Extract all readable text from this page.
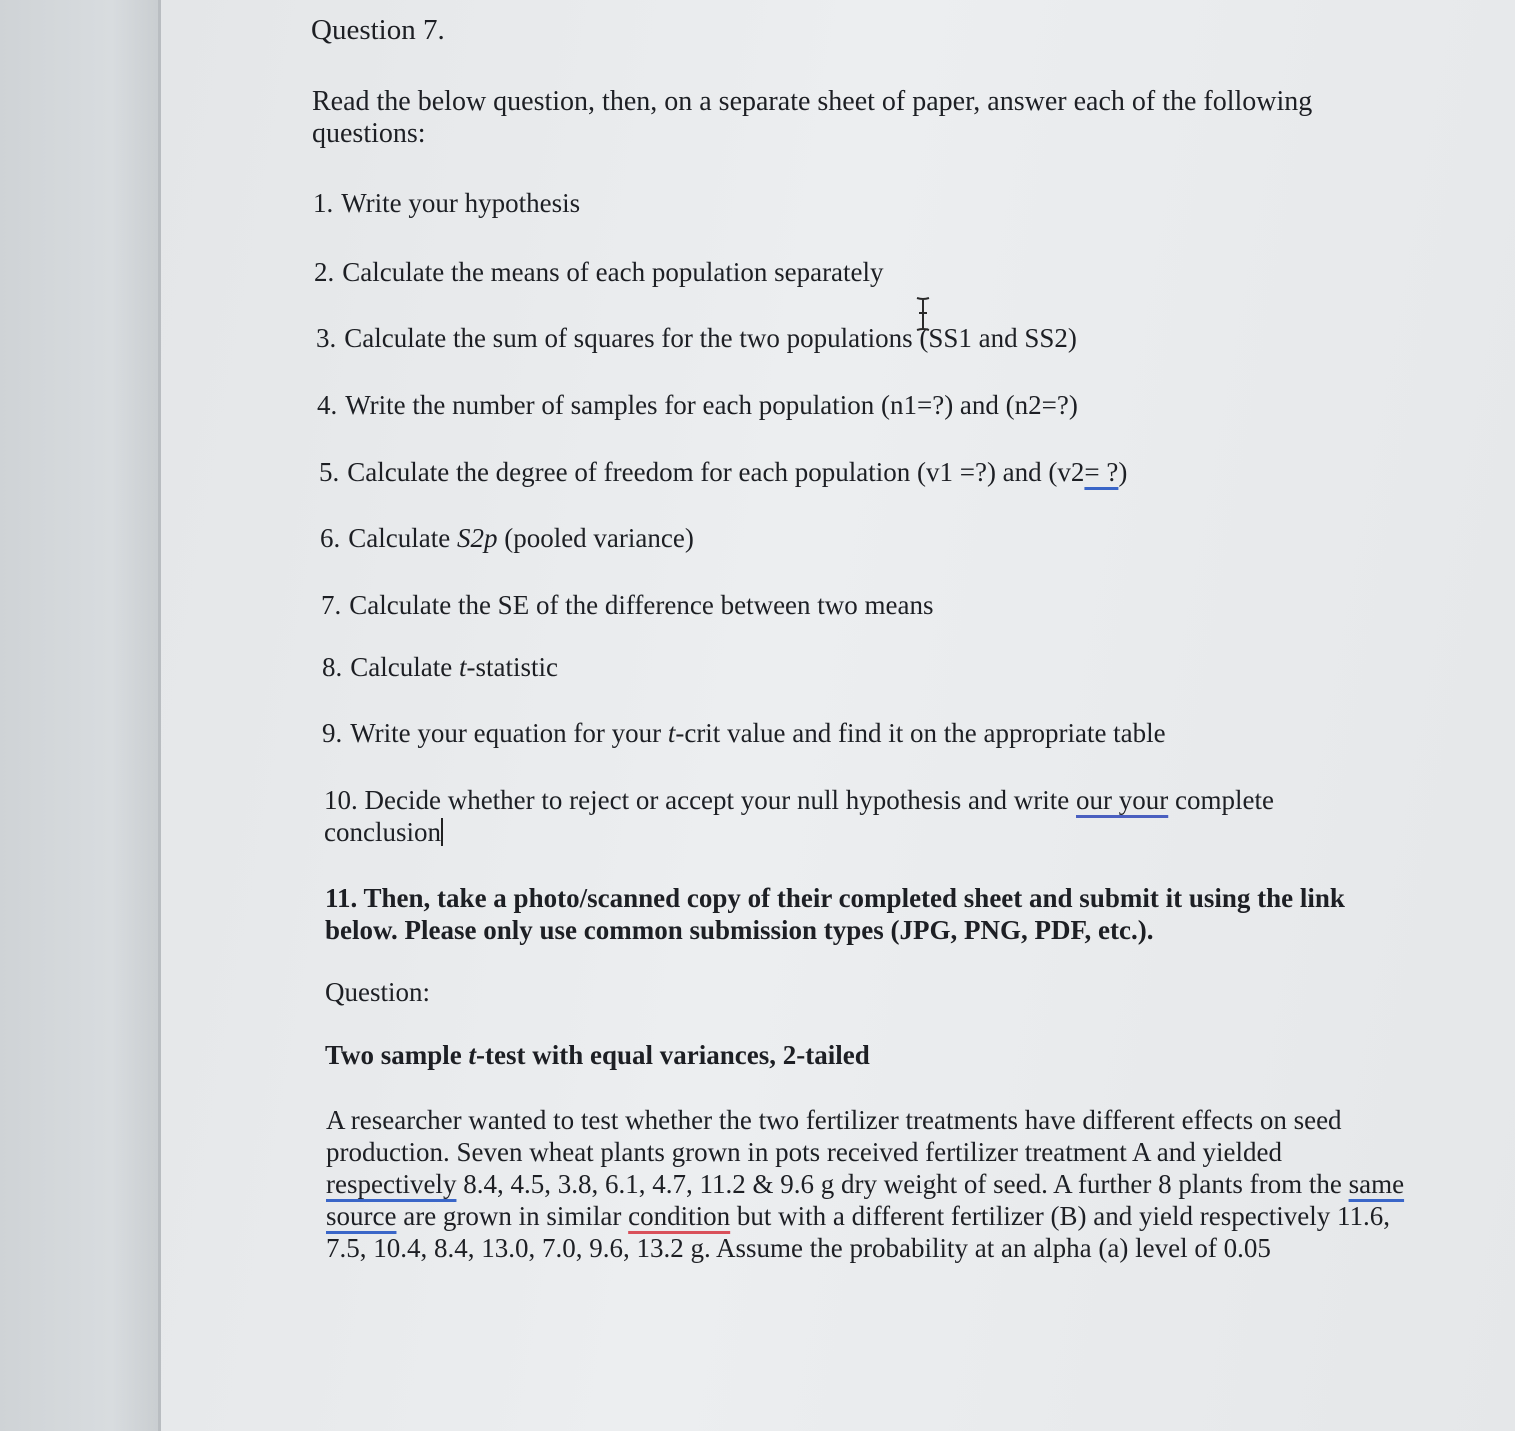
Question 7.
Read the below question, then, on a separate sheet of paper, answer each of the following questions:
1. Write your hypothesis
2. Calculate the means of each population separately
3. Calculate the sum of squares for the two populations (SS1 and SS2)
4. Write the number of samples for each population (n1=?) and (n2=?)
5. Calculate the degree of freedom for each population (v1 =?) and (v2= ?)
6. Calculate S2p (pooled variance)
7. Calculate the SE of the difference between two means
8. Calculate t-statistic
9. Write your equation for your t-crit value and find it on the appropriate table
10. Decide whether to reject or accept your null hypothesis and write our your complete conclusion
11. Then, take a photo/scanned copy of their completed sheet and submit it using the link below. Please only use common submission types (JPG, PNG, PDF, etc.).
Question:
Two sample t-test with equal variances, 2-tailed
A researcher wanted to test whether the two fertilizer treatments have different effects on seed production. Seven wheat plants grown in pots received fertilizer treatment A and yielded respectively 8.4, 4.5, 3.8, 6.1, 4.7, 11.2 & 9.6 g dry weight of seed. A further 8 plants from the same source are grown in similar condition but with a different fertilizer (B) and yield respectively 11.6, 7.5, 10.4, 8.4, 13.0, 7.0, 9.6, 13.2 g. Assume the probability at an alpha (a) level of 0.05
